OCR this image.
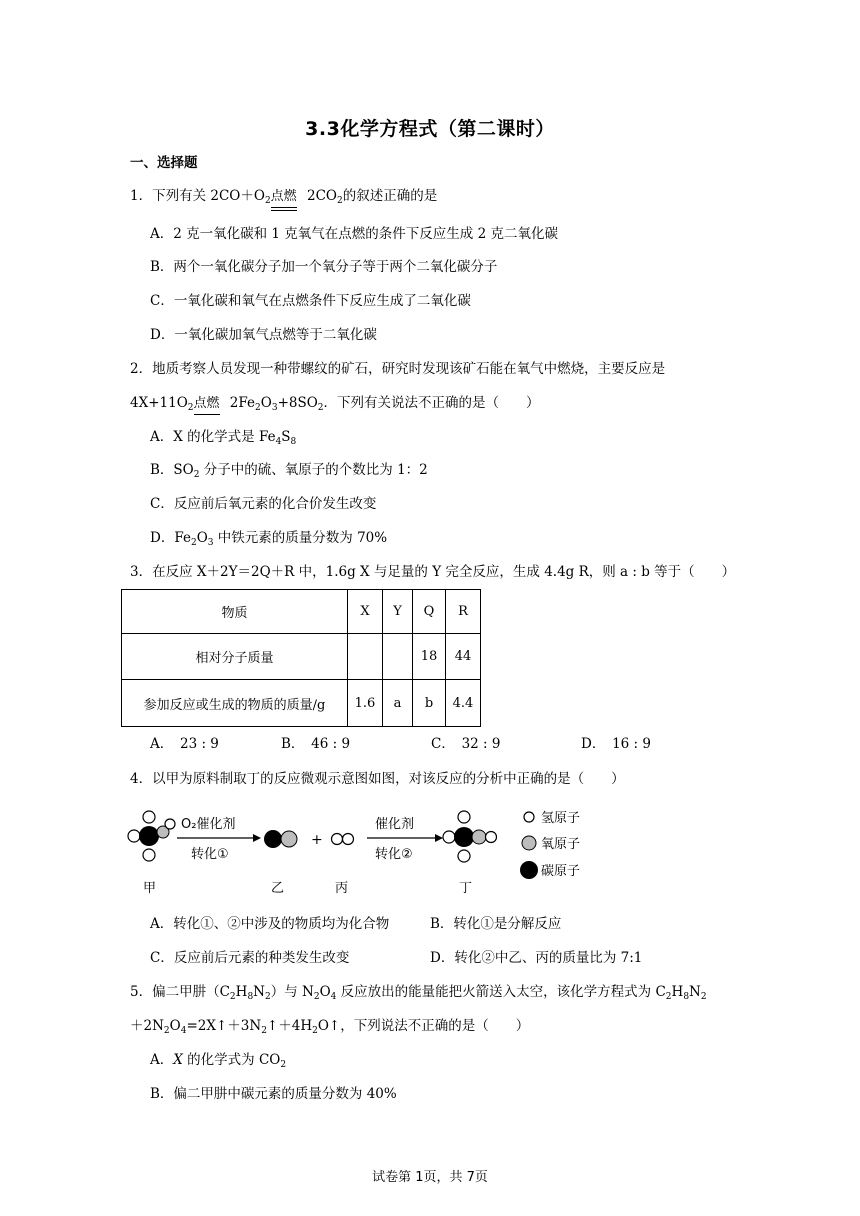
3.3化学方程式（第二课时）
一、选择题
1．下列有关 $2CO+O_2$点燃 $2CO_2$的叙述正确的是
A．2 克一氧化碳和 1 克氧气在点燃的条件下反应生成 2 克二氧化碳
B．两个一氧化碳分子加一个氧分子等于两个二氧化碳分子
C．一氧化碳和氧气在点燃条件下反应生成了二氧化碳
D．一氧化碳加氧气点燃等于二氧化碳
2．地质考察人员发现一种带螺纹的矿石，研究时发现该矿石能在氧气中燃烧，主要反应是
$4X+11O_2$点燃 $2Fe_2O_3+8SO_2$．下列有关说法不正确的是（　　）
A．X 的化学式是 $Fe_4S_8$
B．$SO_2$ 分子中的硫、氧原子的个数比为 1：2
C．反应前后氧元素的化合价发生改变
D．$Fe_2O_3$ 中铁元素的质量分数为 70%
3．在反应 X＋2Y＝2Q＋R 中，1.6g X 与足量的 Y 完全反应，生成 4.4g R，则 a : b 等于（　　）
物质	X	Y	Q	R
相对分子质量			18	44
参加反应或生成的物质的质量/g	1.6	a	b	4.4
A．　23 : 9	B．　46 : 9	C．　32 : 9	D．　16 : 9
4．以甲为原料制取丁的反应微观示意图如图，对该反应的分析中正确的是（　　）
O₂催化剂
转化①
+
催化剂
转化②
甲	乙	丙	丁
氢原子
氧原子
碳原子
A．转化①、②中涉及的物质均为化合物	B．转化①是分解反应
C．反应前后元素的种类发生改变	D．转化②中乙、丙的质量比为 7:1
5．偏二甲肼$(C_2H_8N_2)$与 $N_2O_4$ 反应放出的能量能把火箭送入太空，该化学方程式为 $C_2H_8N_2$
$+2N_2O_4=2X↑+3N_2↑+4H_2O↑$，下列说法不正确的是（　　）
A．X 的化学式为 $CO_2$
B．偏二甲肼中碳元素的质量分数为 40%
试卷第 1页，共 7页
